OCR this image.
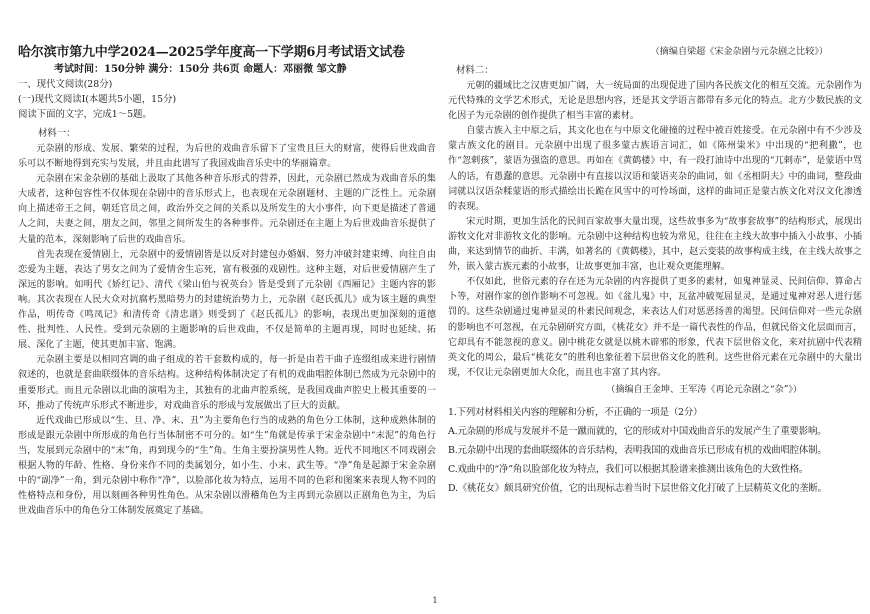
哈尔滨市第九中学2024—2025学年度高一下学期6月考试语文试卷
考试时间：150分钟 满分：150分 共6页 命题人：邓丽微 邹文静
一、现代文阅读(28分)
(一)现代文阅读I(本题共5小题，15分)
阅读下面的文字，完成1～5题。
材料一：

元杂剧的形成、发展、繁荣的过程，为后世的戏曲音乐留下了宝贵且巨大的财富，使得后世戏曲音乐可以不断地得到充实与发展，并且由此谱写了我国戏曲音乐史中的华丽篇章。

元杂剧在宋金杂剧的基础上汲取了其他各种音乐形式的营养，因此，元杂剧已然成为戏曲音乐的集大成者，这种包容性不仅体现在杂剧中的音乐形式上，也表现在元杂剧题材、主题的广泛性上。元杂剧向上描述帝王之间，朝廷官员之间，政治外交之间的关系以及所发生的大小事件，向下更是描述了普通人之间，夫妻之间，朋友之间，邻里之间所发生的各种事件。元杂剧还在主题上为后世戏曲音乐提供了大量的范本，深刻影响了后世的戏曲音乐。

首先表现在爱情剧上，元杂剧中的爱情剧皆是以反对封建包办婚姻、努力冲破封建束缚、向往自由恋爱为主题，表达了男女之间为了爱情舍生忘死，富有极强的戏剧性。这种主题，对后世爱情剧产生了深远的影响。如明代《娇红记》、清代《梁山伯与祝英台》皆是受到了元杂剧《西厢记》主题内容的影响。其次表现在人民大众对抗腐朽黑暗势力的封建统治势力上，元杂剧《赵氏孤儿》成为该主题的典型作品，明传奇《鸣凤记》和清传奇《清忠谱》则受到了《赵氏孤儿》的影响，表现出更加深刻的道德性、批判性、人民性。受到元杂剧的主题影响的后世戏曲，不仅是简单的主题再现，同时也延续、拓展、深化了主题，使其更加丰富、饱满。

元杂剧主要是以相同宫调的曲子组成的若干套数构成的，每一折是由若干曲子连缀组成来进行剧情叙述的，也就是套曲联缀体的音乐结构。这种结构体制决定了有机的戏曲唱腔体制已然成为元杂剧中的重要形式。而且元杂剧以北曲的演唱为主，其独有的北曲声腔系统，是我国戏曲声腔史上极其重要的一环，推动了传统声乐形式不断进步，对戏曲音乐的形成与发展做出了巨大的贡献。

近代戏曲已形成以“生、旦、净、末、丑”为主要角色行当的成熟的角色分工体制，这种成熟体制的形成是跟元杂剧中所形成的角色行当体制密不可分的。如“生”角就是传承于宋金杂剧中“末泥”的角色行当，发展到元杂剧中的“末”角，再到现今的“生”角。生角主要扮演男性人物。近代不同地区不同戏剧会根据人物的年龄、性格、身份来作不同的类属划分，如小生、小末、武生等。“净”角是起源于宋金杂剧中的“副净”一角，到元杂剧中称作“净”，以脸部化妆为特点，运用不同的色彩和图案来表现人物不同的性格特点和身份，用以刻画各种男性角色。从宋杂剧以滑稽角色为主再到元杂剧以正剧角色为主，为后世戏曲音乐中的角色分工体制发展奠定了基础。

（摘编自梁超《宋金杂剧与元杂剧之比较》）
材料二：

元朝的疆域比之汉唐更加广阔，大一统局面的出现促进了国内各民族文化的相互交流。元杂剧作为元代特殊的文学艺术形式，无论是思想内容，还是其文学语言都带有多元化的特点。北方少数民族的文化因子为元杂剧的创作提供了相当丰富的素材。

自蒙古族入主中原之后，其文化也在与中原文化碰撞的过程中被百姓接受。在元杂剧中有不少涉及蒙古族文化的剧目。元杂剧中出现了很多蒙古族语言词汇，如《陈州粜米》中出现的“把利撒”，也作“忽剌孩”，蒙语为强盗的意思。再如在《黄鹤楼》中，有一段打油诗中出现的“兀剌赤”，是蒙语中骂人的话，有愚蠢的意思。元杂剧中有直接以汉语和蒙语夹杂的曲词，如《丞相阴夫》中的曲词，整段曲词就以汉语杂糅蒙语的形式描绘出长跪在风雪中的可怜场面，这样的曲词正是蒙古族文化对汉文化渗透的表现。

宋元时期，更加生活化的民间百家故事大量出现，这些故事多为“故事套故事”的结构形式，展现出游牧文化对非游牧文化的影响。元杂剧中这种结构也较为常见，往往在主线大故事中插入小故事、小插曲，来达到情节的曲折、丰满，如著名的《黄鹤楼》，其中，赵云变装的故事构成主线，在主线大故事之外，嵌入蒙古族元素的小故事，让故事更加丰富，也让观众更能理解。

不仅如此，世俗元素的存在还为元杂剧的内容提供了更多的素材，如鬼神显灵、民间信仰、算命占卜等，对剧作家的创作影响不可忽视。如《盆儿鬼》中，瓦盆冲破冤屈显灵，是通过鬼神对恶人进行惩罚的。这些杂剧通过鬼神显灵的朴素民间观念，来表达人们对惩恶扬善的渴望。民间信仰对一些元杂剧的影响也不可忽视，在元杂剧研究方面，《桃花女》并不是一篇代表性的作品，但就民俗文化层面而言，它却具有不能忽视的意义。剧中桃花女就是以桃木辟邪的形象，代表下层世俗文化，来对抗剧中代表精英文化的周公，最后“桃花女”的胜利也象征着下层世俗文化的胜利。这些世俗元素在元杂剧中的大量出现，不仅让元杂剧更加大众化，而且也丰富了其内容。

（摘编自王金坤、王军涛《再论元杂剧之“杂”》）
1.下列对材料相关内容的理解和分析，不正确的一项是（2分）
A.元杂剧的形成与发展并不是一蹴而就的，它的形成对中国戏曲音乐的发展产生了重要影响。
B.元杂剧中出现的套曲联缀体的音乐结构，表明我国的戏曲音乐已形成有机的戏曲唱腔体制。
C.戏曲中的“净”角以脸部化妆为特点，我们可以根据其脸谱来推测出该角色的大致性格。
D.《桃花女》颇具研究价值，它的出现标志着当时下层世俗文化打破了上层精英文化的垄断。
1
